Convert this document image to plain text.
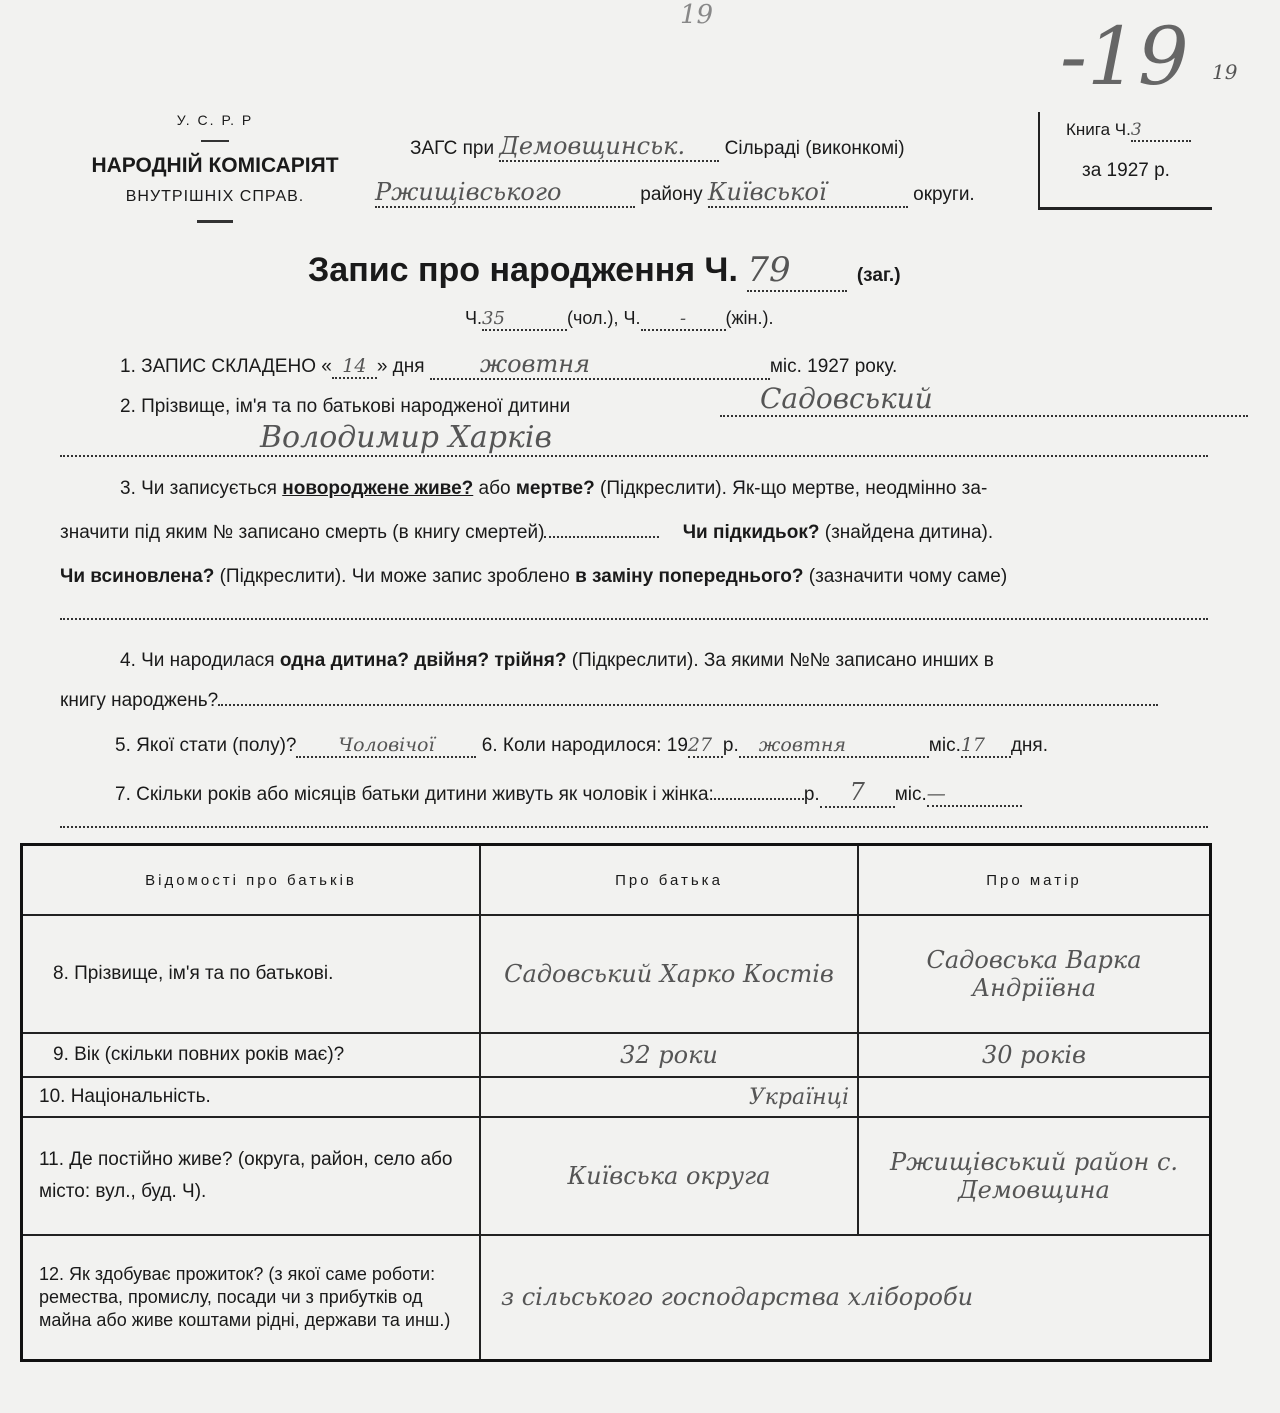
19	-19 19
У. С. Р. Р
НАРОДНІЙ КОМІСАРІЯТ
ВНУТРІШНІХ СПРАВ.
ЗАГС при Демовщинськ. Сільраді (виконкомі)
Ржищівського	району Київської	округи.
Книга Ч.3
за 1927 р.
Запис про народження Ч. 79	(заг.)
Ч.35	(чол.), Ч. - (жін.).
1. ЗАПИС СКЛАДЕНО « 14 » дня жовтня	міс. 1927 року.
2. Прізвище, ім'я та по батькові народженої дитини	Садовський
Володимир Харків
3. Чи записується новороджене живе? або мертве? (Підкреслити). Як-що мертве, неодмінно за-
значити під яким № записано смерть (в книгу смертей)	Чи підкидьок? (знайдена дитина).
Чи всиновлена? (Підкреслити). Чи може запис зроблено в заміну попереднього? (зазначити чому саме)
4. Чи народилася одна дитина? двійня? трійня? (Підкреслити). За якими №№ записано инших в
книгу народжень?
5. Якої стати (полу)? Чоловічої 6. Коли народилося: 1927 р. жовтня	міс.17 дня.
7. Скільки років або місяців батьки дитини живуть як чоловік і жінка:	р. 7 міс.—
Відомості про батьків	Про батька	Про матір
8. Прізвище, ім'я та по батькові.	Садовський Харко Костів	Садовська Варка Андріївна
9. Вік (скільки повних років має)?	32 роки	30 років
10. Національність.	Українці	
11. Де постійно живе? (округа, район, село або місто: вул., буд. Ч).	Київська округа	Ржищівський район с. Демовщина
12. Як здобуває прожиток? (з якої саме роботи: ремества, промислу, посади чи з прибутків од майна або живе коштами рідні, держави та инш.)	з сільського господарства хлібороби	
